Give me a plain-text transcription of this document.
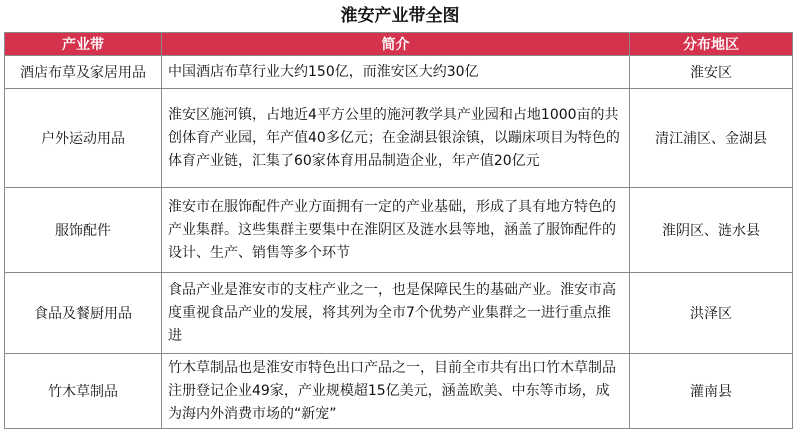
淮安产业带全图
产业带	简介	分布地区
酒店布草及家居用品	中国酒店布草行业大约150亿，而淮安区大约30亿	淮安区
户外运动用品	淮安区施河镇，占地近4平方公里的施河教学具产业园和占地1000亩的共创体育产业园，年产值40多亿元；在金湖县银涂镇，以蹦床项目为特色的体育产业链，汇集了60家体育用品制造企业，年产值20亿元	清江浦区、金湖县
服饰配件	淮安市在服饰配件产业方面拥有一定的产业基础，形成了具有地方特色的产业集群。这些集群主要集中在淮阴区及涟水县等地，涵盖了服饰配件的设计、生产、销售等多个环节	淮阴区、涟水县
食品及餐厨用品	食品产业是淮安市的支柱产业之一，也是保障民生的基础产业。淮安市高度重视食品产业的发展，将其列为全市7个优势产业集群之一进行重点推进	洪泽区
竹木草制品	竹木草制品也是淮安市特色出口产品之一，目前全市共有出口竹木草制品注册登记企业49家，产业规模超15亿美元，涵盖欧美、中东等市场，成为海内外消费市场的“新宠”	灌南县
